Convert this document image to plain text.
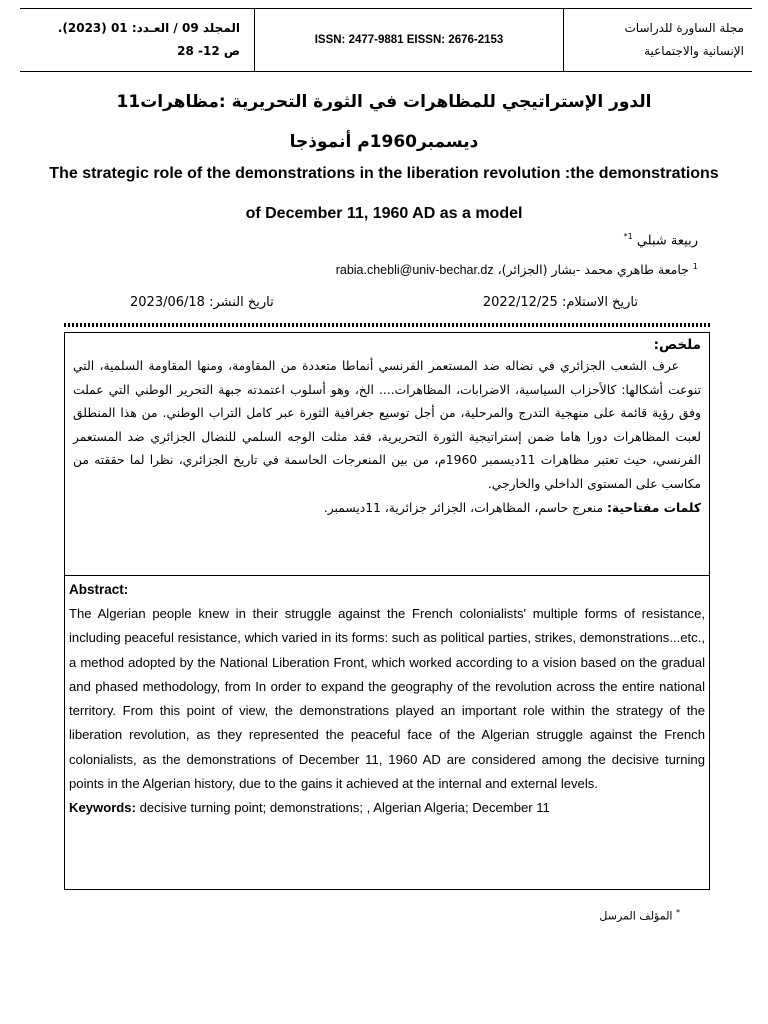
مجلة الساورة للدراسات
الإنسانية والاجتماعية
ISSN: 2477-9881 EISSN: 2676-2153
المجلد 09 / العـدد: 01 (2023).
ص 12- 28
الدور الإستراتيجي للمظاهرات في الثورة التحريرية :مظاهرات11 ديسمبر1960م أنموذجا
The strategic role of the demonstrations in the liberation revolution :the demonstrations of December 11, 1960 AD as a model
ربيعة شبلي $^{1*}$
$^1$ جامعة طاهري محمد -بشار (الجزائر)، rabia.chebli@univ-bechar.dz
تاريخ الاستلام: 2022/12/25
تاريخ النشر: 2023/06/18
ملخص:
عرف الشعب الجزائري في نضاله ضد المستعمر الفرنسي أنماطا متعددة من المقاومة، ومنها المقاومة السلمية، التي تنوعت أشكالها: كالأحزاب السياسية، الاضرابات، المظاهرات.... الخ، وهو أسلوب اعتمدته جبهة التحرير الوطني التي عملت وفق رؤية قائمة على منهجية التدرج والمرحلية، من أجل توسيع جغرافية الثورة عبر كامل التراب الوطني. من هذا المنطلق لعبت المظاهرات دورا هاما ضمن إستراتيجية الثورة التحريرية، فقد مثلت الوجه السلمي للنضال الجزائري ضد المستعمر الفرنسي، حيث تعتبر مظاهرات 11ديسمبر 1960م، من بين المنعرجات الحاسمة في تاريخ الجزائري، نظرا لما حققته من مكاسب على المستوى الداخلي والخارجي.
كلمات مفتاحية: منعرج حاسم، المظاهرات، الجزائر جزائرية، 11ديسمبر.
Abstract:
The Algerian people knew in their struggle against the French colonialists' multiple forms of resistance, including peaceful resistance, which varied in its forms: such as political parties, strikes, demonstrations...etc., a method adopted by the National Liberation Front, which worked according to a vision based on the gradual and phased methodology, from In order to expand the geography of the revolution across the entire national territory. From this point of view, the demonstrations played an important role within the strategy of the liberation revolution, as they represented the peaceful face of the Algerian struggle against the French colonialists, as the demonstrations of December 11, 1960 AD are considered among the decisive turning points in the Algerian history, due to the gains it achieved at the internal and external levels.
Keywords: decisive turning point; demonstrations; , Algerian Algeria; December 11
* المؤلف المرسل
